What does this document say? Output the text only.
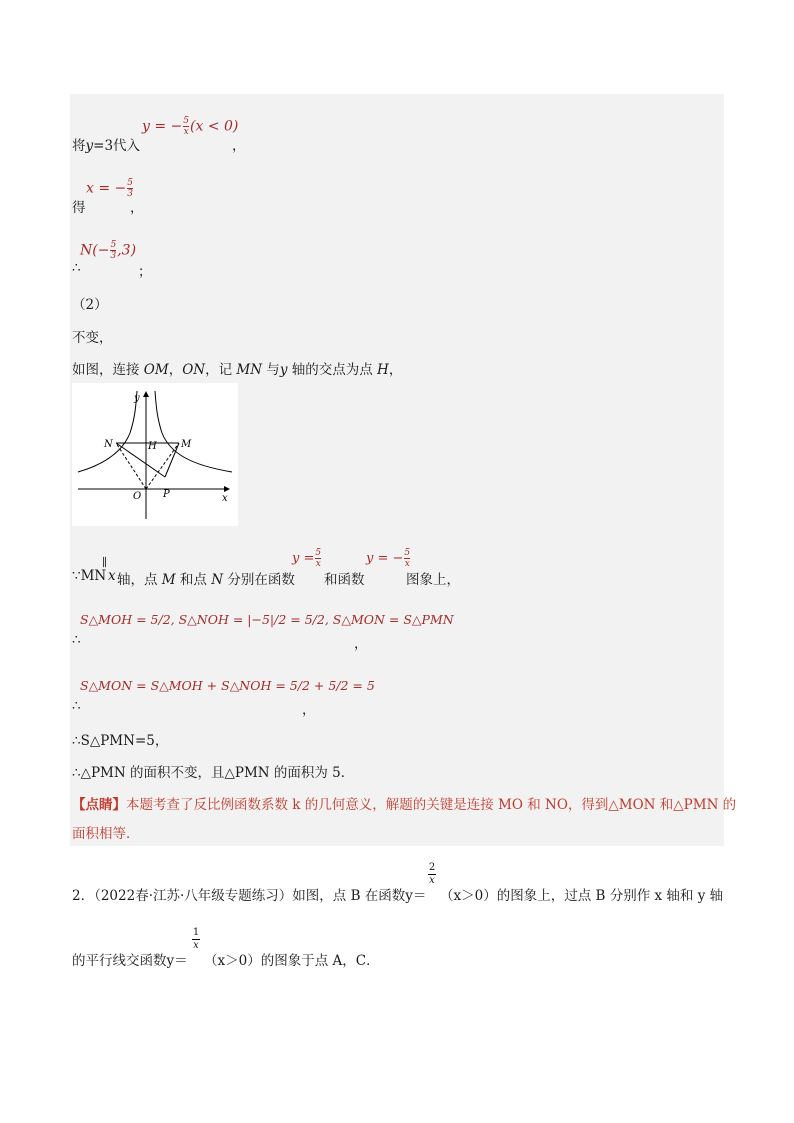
y = − $\frac{5}{x} (x < 0)$
，
将y=3代入
x = − $\frac{5}{3}$
得	，
$N(- \frac{5}{3} ,3)$
∴	；
（2）
不变，
如图，连接 OM，ON，记 MN 与y 轴的交点为点 H，
y
x
N	H M
O P
∵MN
∥
x 轴，点 M 和点 N 分别在函数
$y = \frac{5}{x}$
和函数
y = − $\frac{5}{x}$
图象上，
S△MOH = 5/2, S△NOH = |−5|/2 = 5/2, S△MON = S△PMN
∴	，
S△MON = S△MOH + S△NOH = 5/2 + 5/2 = 5
∴	，
∴S△PMN=5，
∴△PMN 的面积不变，且△PMN 的面积为 5．
【点睛】本题考查了反比例函数系数 k 的几何意义，解题的关键是连接 MO 和 NO，得到△MON 和△PMN 的
面积相等．
2．（2022春·江苏·八年级专题练习）如图，点 B 在函数y＝
2
x
（x＞0）的图象上，过点 B 分别作 x 轴和 y 轴
的平行线交函数y＝
1
x
（x＞0）的图象于点 A，C．
